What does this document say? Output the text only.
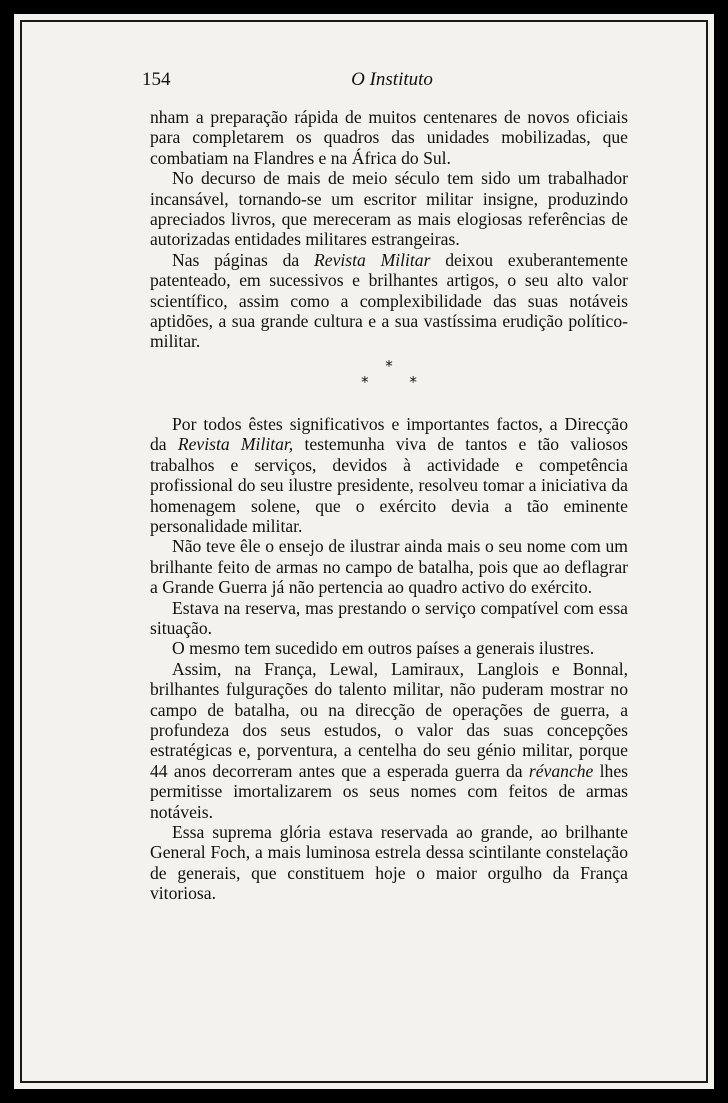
154	O Instituto

nham a preparação rápida de muitos centenares de novos oficiais para completarem os quadros das unidades mobilizadas, que combatiam na Flandres e na África do Sul.

No decurso de mais de meio século tem sido um trabalhador incansável, tornando-se um escritor militar insigne, produzindo apreciados livros, que mereceram as mais elogiosas referências de autorizadas entidades militares estrangeiras.

Nas páginas da Revista Militar deixou exuberantemente patenteado, em sucessivos e brilhantes artigos, o seu alto valor scientífico, assim como a complexibilidade das suas notáveis aptidões, a sua grande cultura e a sua vastíssima erudição político-militar.

*
* *

Por todos êstes significativos e importantes factos, a Direcção da Revista Militar, testemunha viva de tantos e tão valiosos trabalhos e serviços, devidos à actividade e competência profissional do seu ilustre presidente, resolveu tomar a iniciativa da homenagem solene, que o exército devia a tão eminente personalidade militar.

Não teve êle o ensejo de ilustrar ainda mais o seu nome com um brilhante feito de armas no campo de batalha, pois que ao deflagrar a Grande Guerra já não pertencia ao quadro activo do exército.

Estava na reserva, mas prestando o serviço compatível com essa situação.

O mesmo tem sucedido em outros países a generais ilustres.

Assim, na França, Lewal, Lamiraux, Langlois e Bonnal, brilhantes fulgurações do talento militar, não puderam mostrar no campo de batalha, ou na direcção de operações de guerra, a profundeza dos seus estudos, o valor das suas concepções estratégicas e, porventura, a centelha do seu génio militar, porque 44 anos decorreram antes que a esperada guerra da révanche lhes permitisse imortalizarem os seus nomes com feitos de armas notáveis.

Essa suprema glória estava reservada ao grande, ao brilhante General Foch, a mais luminosa estrela dessa scintilante constelação de generais, que constituem hoje o maior orgulho da França vitoriosa.
